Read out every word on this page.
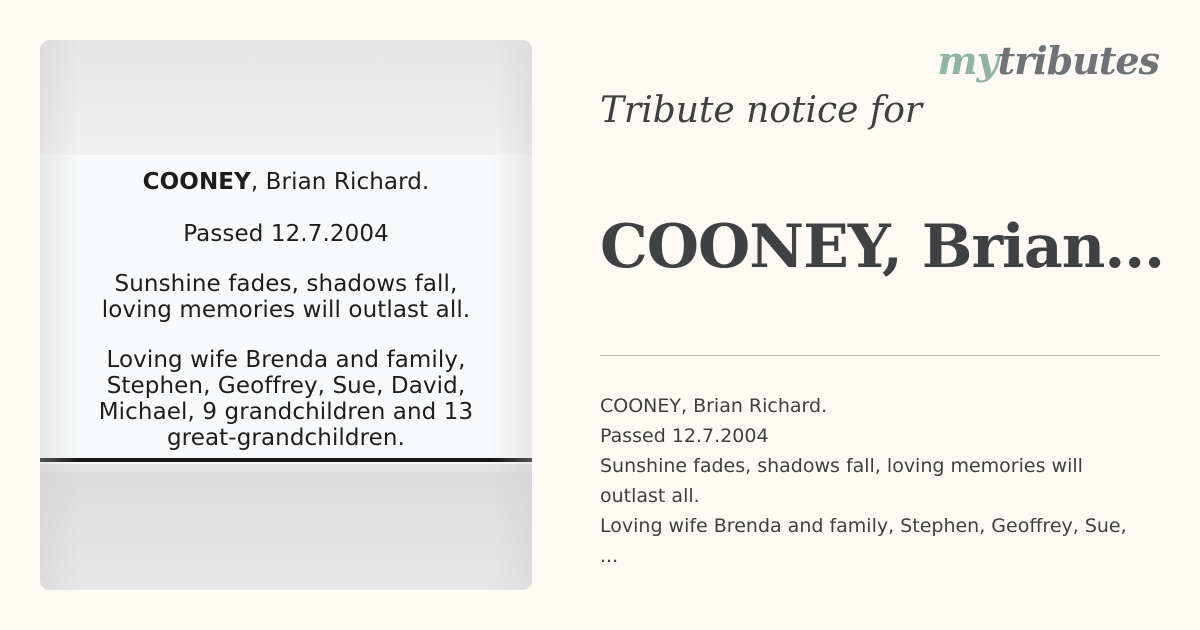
COONEY, Brian Richard.
Passed 12.7.2004
Sunshine fades, shadows fall,
loving memories will outlast all.
Loving wife Brenda and family,
Stephen, Geoffrey, Sue, David,
Michael, 9 grandchildren and 13
great-grandchildren.
mytributes
Tribute notice for
COONEY, Brian...
COONEY, Brian Richard.
Passed 12.7.2004
Sunshine fades, shadows fall, loving memories will
outlast all.
Loving wife Brenda and family, Stephen, Geoffrey, Sue,
...
